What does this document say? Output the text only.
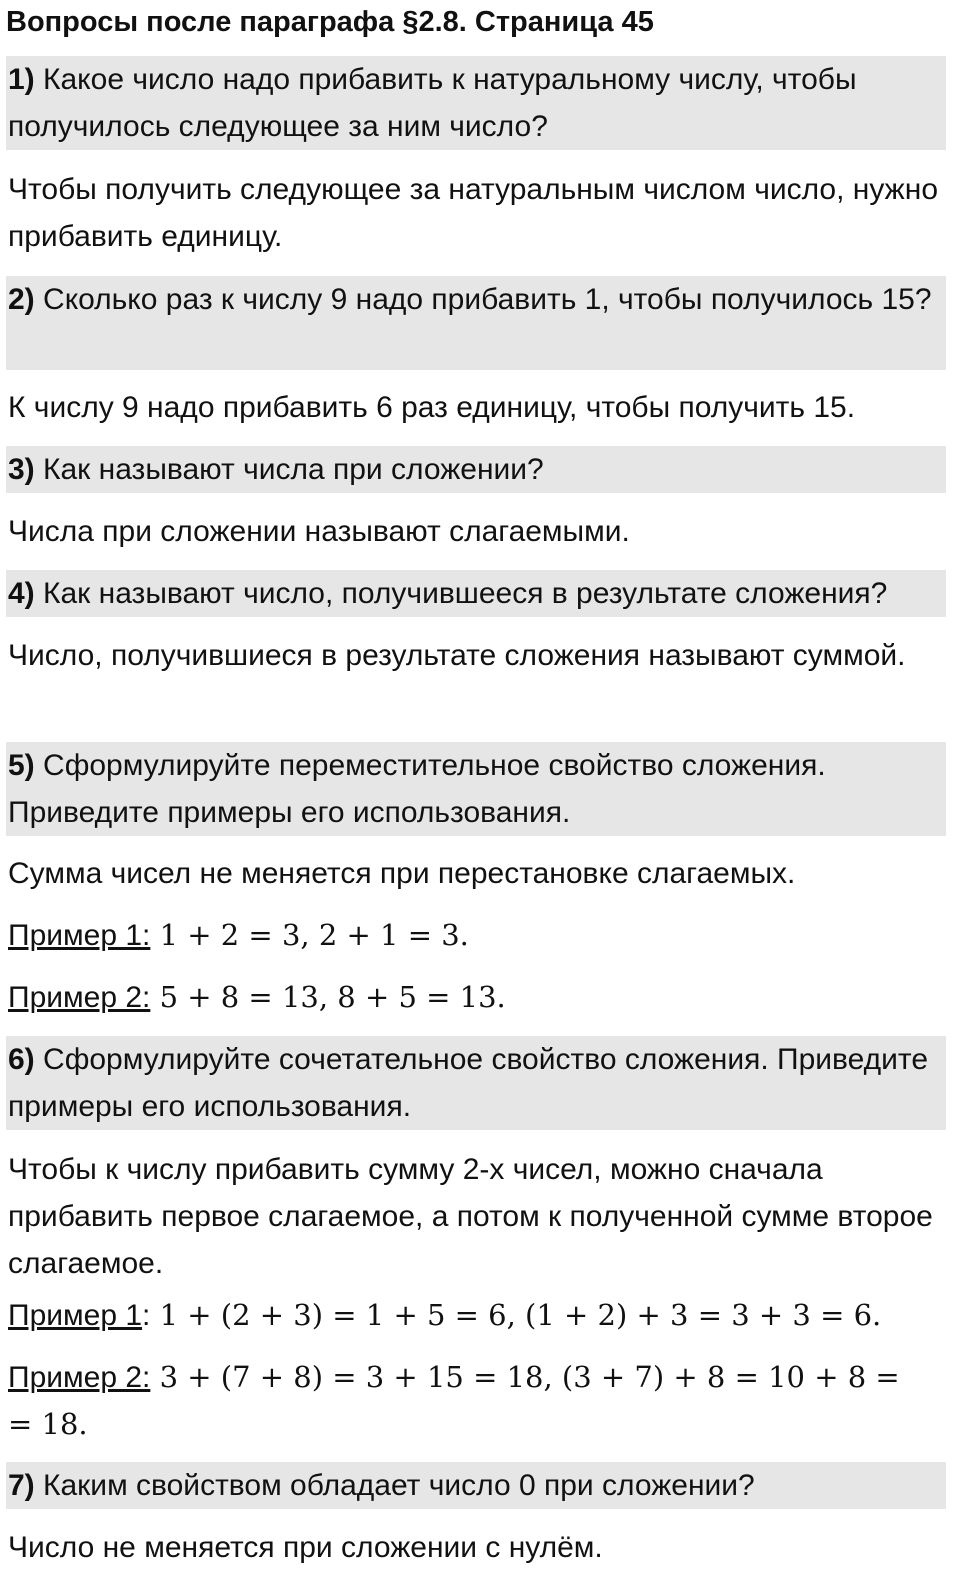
Вопросы после параграфа §2.8. Страница 45
1) Какое число надо прибавить к натуральному числу, чтобы получилось следующее за ним число?
Чтобы получить следующее за натуральным числом число, нужно прибавить единицу.
2) Сколько раз к числу 9 надо прибавить 1, чтобы получилось 15?
К числу 9 надо прибавить 6 раз единицу, чтобы получить 15.
3) Как называют числа при сложении?
Числа при сложении называют слагаемыми.
4) Как называют число, получившееся в результате сложения?
Число, получившиеся в результате сложения называют суммой.
5) Сформулируйте переместительное свойство сложения. Приведите примеры его использования.
Сумма чисел не меняется при перестановке слагаемых.
Пример 1: 1 + 2 = 3, 2 + 1 = 3.
Пример 2: 5 + 8 = 13, 8 + 5 = 13.
6) Сформулируйте сочетательное свойство сложения. Приведите примеры его использования.
Чтобы к числу прибавить сумму 2-х чисел, можно сначала прибавить первое слагаемое, а потом к полученной сумме второе слагаемое.
Пример 1: 1 + (2 + 3) = 1 + 5 = 6, (1 + 2) + 3 = 3 + 3 = 6.
Пример 2: 3 + (7 + 8) = 3 + 15 = 18, (3 + 7) + 8 = 10 + 8 =
= 18.
7) Каким свойством обладает число 0 при сложении?
Число не меняется при сложении с нулём.
